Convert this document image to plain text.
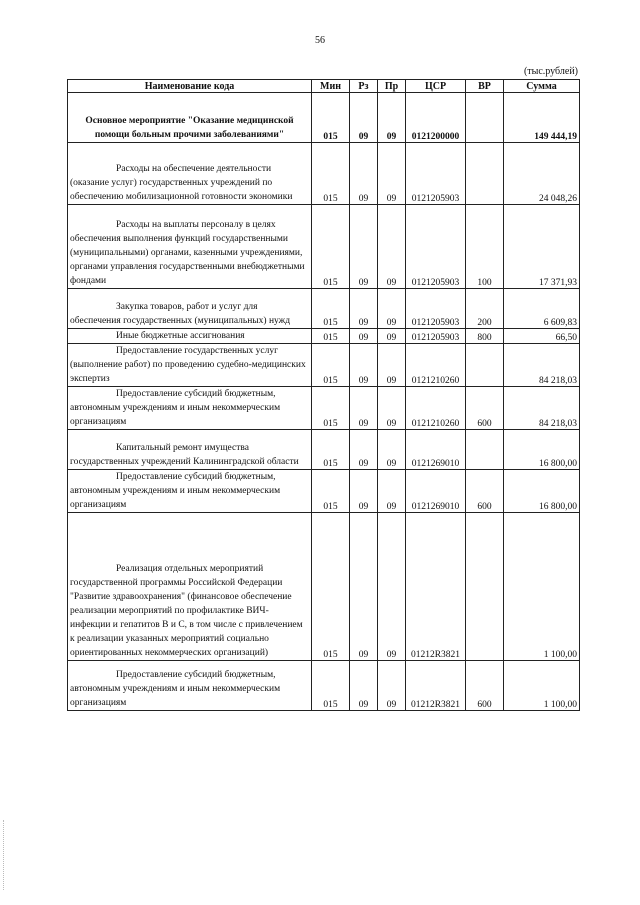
56
(тыс.рублей)
Наименование кода	Мин	Рз	Пр	ЦСР	ВР	Сумма

Основное мероприятие "Оказание медицинской помощи больным прочими заболеваниями"	015	09	09	0121200000		149 444,19

Расходы на обеспечение деятельности (оказание услуг) государственных учреждений по обеспечению мобилизационной готовности экономики	015	09	09	0121205903		24 048,26

Расходы на выплаты персоналу в целях обеспечения выполнения функций государственными (муниципальными) органами, казенными учреждениями, органами управления государственными внебюджетными фондами	015	09	09	0121205903	100	17 371,93

Закупка товаров, работ и услуг для обеспечения государственных (муниципальных) нужд	015	09	09	0121205903	200	6 609,83

Иные бюджетные ассигнования	015	09	09	0121205903	800	66,50

Предоставление государственных услуг (выполнение работ) по проведению судебно-медицинских экспертиз	015	09	09	0121210260		84 218,03

Предоставление субсидий бюджетным, автономным учреждениям и иным некоммерческим организациям	015	09	09	0121210260	600	84 218,03

Капитальный ремонт имущества государственных учреждений Калининградской области	015	09	09	0121269010		16 800,00

Предоставление субсидий бюджетным, автономным учреждениям и иным некоммерческим организациям	015	09	09	0121269010	600	16 800,00

Реализация отдельных мероприятий государственной программы Российской Федерации "Развитие здравоохранения" (финансовое обеспечение реализации мероприятий по профилактике ВИЧ-инфекции и гепатитов В и С, в том числе с привлечением к реализации указанных мероприятий социально ориентированных некоммерческих организаций)	015	09	09	01212R3821		1 100,00

Предоставление субсидий бюджетным, автономным учреждениям и иным некоммерческим организациям	015	09	09	01212R3821	600	1 100,00
